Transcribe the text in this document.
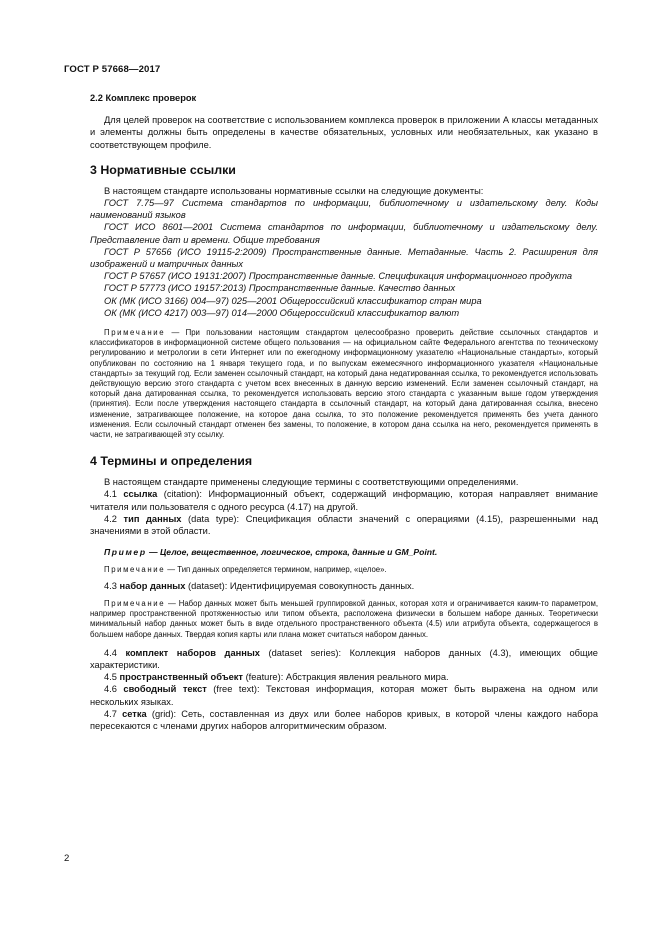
ГОСТ Р 57668—2017

2.2 Комплекс проверок

Для целей проверок на соответствие с использованием комплекса проверок в приложении А классы метаданных и элементы должны быть определены в качестве обязательных, условных или необязательных, как указано в соответствующем профиле.

3 Нормативные ссылки

В настоящем стандарте использованы нормативные ссылки на следующие документы:

ГОСТ 7.75—97 Система стандартов по информации, библиотечному и издательскому делу. Коды наименований языков

ГОСТ ИСО 8601—2001 Система стандартов по информации, библиотечному и издательскому делу. Представление дат и времени. Общие требования

ГОСТ Р 57656 (ИСО 19115-2:2009) Пространственные данные. Метаданные. Часть 2. Расширения для изображений и матричных данных

ГОСТ Р 57657 (ИСО 19131:2007) Пространственные данные. Спецификация информационного продукта

ГОСТ Р 57773 (ИСО 19157:2013) Пространственные данные. Качество данных

ОК (МК (ИСО 3166) 004—97) 025—2001 Общероссийский классификатор стран мира

ОК (МК (ИСО 4217) 003—97) 014—2000 Общероссийский классификатор валют

Примечание — При пользовании настоящим стандартом целесообразно проверить действие ссылочных стандартов и классификаторов в информационной системе общего пользования — на официальном сайте Федерального агентства по техническому регулированию и метрологии в сети Интернет или по ежегодному информационному указателю «Национальные стандарты», который опубликован по состоянию на 1 января текущего года, и по выпускам ежемесячного информационного указателя «Национальные стандарты» за текущий год. Если заменен ссылочный стандарт, на который дана недатированная ссылка, то рекомендуется использовать действующую версию этого стандарта с учетом всех внесенных в данную версию изменений. Если заменен ссылочный стандарт, на который дана датированная ссылка, то рекомендуется использовать версию этого стандарта с указанным выше годом утверждения (принятия). Если после утверждения настоящего стандарта в ссылочный стандарт, на который дана датированная ссылка, внесено изменение, затрагивающее положение, на которое дана ссылка, то это положение рекомендуется применять без учета данного изменения. Если ссылочный стандарт отменен без замены, то положение, в котором дана ссылка на него, рекомендуется применять в части, не затрагивающей эту ссылку.

4 Термины и определения

В настоящем стандарте применены следующие термины с соответствующими определениями.

4.1 ссылка (citation): Информационный объект, содержащий информацию, которая направляет внимание читателя или пользователя с одного ресурса (4.17) на другой.

4.2 тип данных (data type): Спецификация области значений с операциями (4.15), разрешенными над значениями в этой области.

Пример — Целое, вещественное, логическое, строка, данные и GM_Point.

Примечание — Тип данных определяется термином, например, «целое».

4.3 набор данных (dataset): Идентифицируемая совокупность данных.

Примечание — Набор данных может быть меньшей группировкой данных, которая хотя и ограничивается каким-то параметром, например пространственной протяженностью или типом объекта, расположена физически в большем наборе данных. Теоретически минимальный набор данных может быть в виде отдельного пространственного объекта (4.5) или атрибута объекта, содержащегося в большем наборе данных. Твердая копия карты или плана может считаться набором данных.

4.4 комплект наборов данных (dataset series): Коллекция наборов данных (4.3), имеющих общие характеристики.

4.5 пространственный объект (feature): Абстракция явления реального мира.

4.6 свободный текст (free text): Текстовая информация, которая может быть выражена на одном или нескольких языках.

4.7 сетка (grid): Сеть, составленная из двух или более наборов кривых, в которой члены каждого набора пересекаются с членами других наборов алгоритмическим образом.

2
